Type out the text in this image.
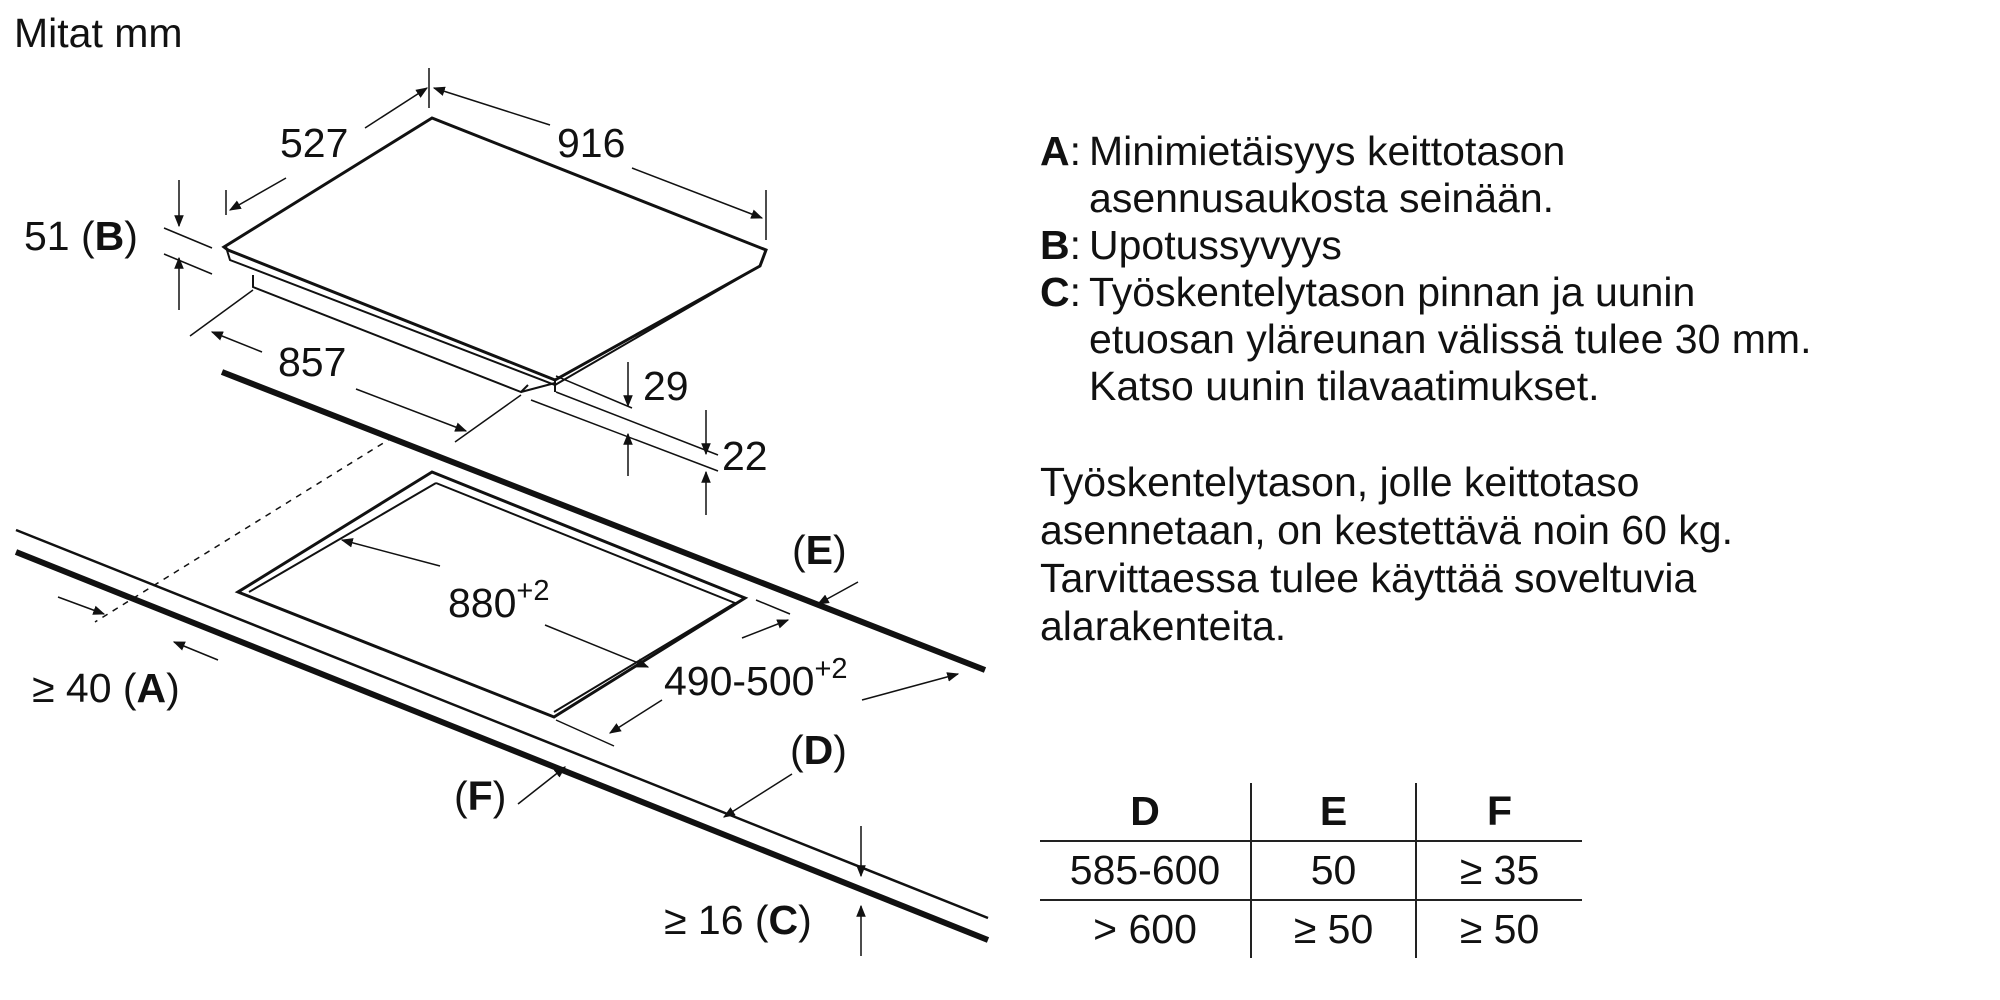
Mitat mm
527	916
51 (B)
857
29
22
$880^{+2}$
$490-500^{+2}$
(E)
(D)
(F)
≥ 40 (A)
≥ 16 (C)
A : Minimietäisyys keittotason
asennusaukosta seinään.
B : Upotussyvyys
C : Työskentelytason pinnan ja uunin
etuosan yläreunan välissä tulee 30 mm.
Katso uunin tilavaatimukset.
Työskentelytason, jolle keittotaso
asennetaan, on kestettävä noin 60 kg.
Tarvittaessa tulee käyttää soveltuvia
alarakenteita.
D	E	F
585-600	50	≥ 35
> 600	≥ 50	≥ 50
